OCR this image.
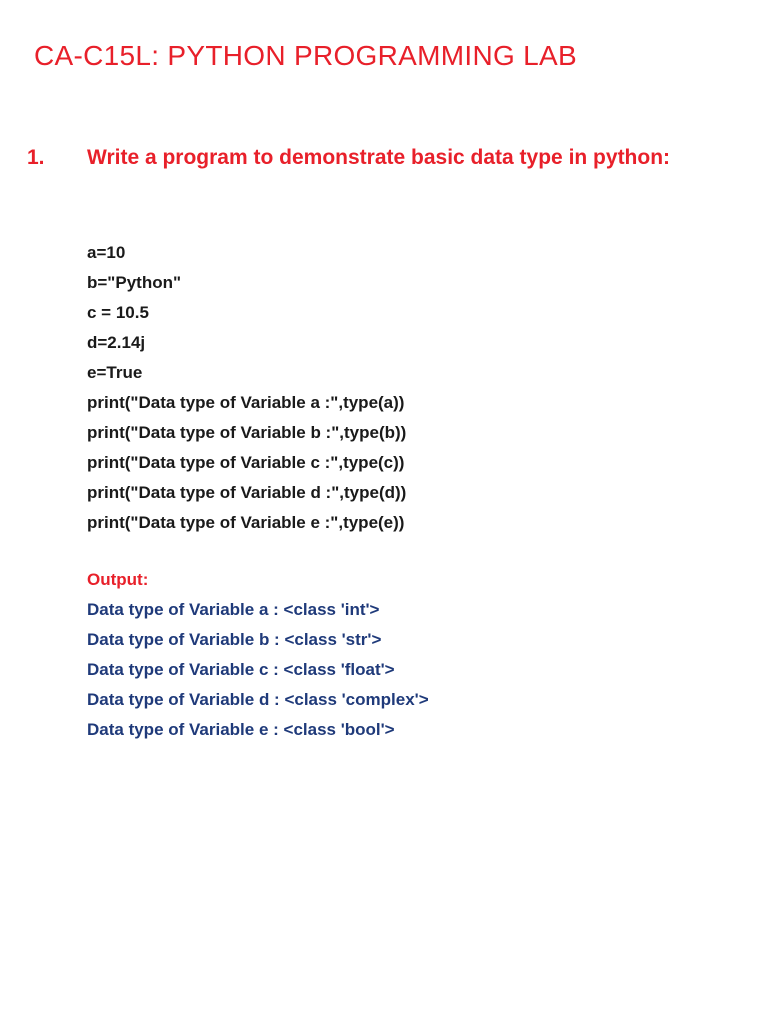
CA-C15L: PYTHON PROGRAMMING LAB
1. Write a program to demonstrate basic data type in python:
a=10
b="Python"
c = 10.5
d=2.14j
e=True
print("Data type of Variable a :",type(a))
print("Data type of Variable b :",type(b))
print("Data type of Variable c :",type(c))
print("Data type of Variable d :",type(d))
print("Data type of Variable e :",type(e))
Output:
Data type of Variable a : <class 'int'>
Data type of Variable b : <class 'str'>
Data type of Variable c : <class 'float'>
Data type of Variable d : <class 'complex'>
Data type of Variable e : <class 'bool'>
